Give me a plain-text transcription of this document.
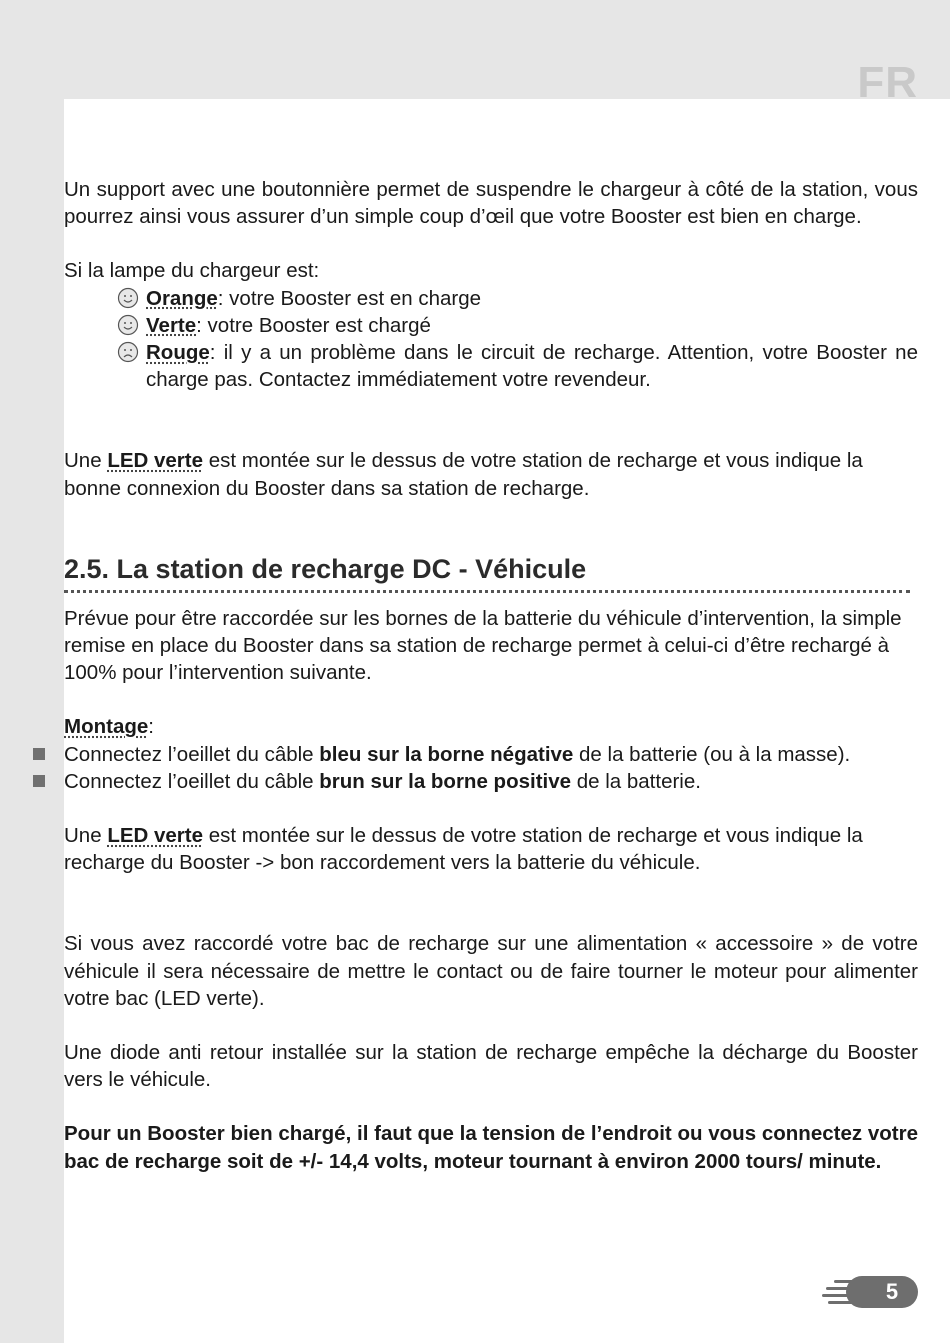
FR

Un support avec une boutonnière permet de suspendre le chargeur à côté de la station, vous pourrez ainsi vous assurer d’un simple coup d’œil que votre Booster est bien en charge.

Si la lampe du chargeur est:

Orange: votre Booster est en charge
Verte: votre Booster est chargé
Rouge: il y a un problème dans le circuit de recharge. Attention, votre Booster ne charge pas. Contactez immédiatement votre revendeur.

Une LED verte est montée sur le dessus de votre station de recharge et vous indique la bonne connexion du Booster dans sa station de recharge.

2.5. La station de recharge DC - Véhicule

Prévue pour être raccordée sur les bornes de la batterie du véhicule d’intervention, la simple remise en place du Booster dans sa station de recharge permet à celui-ci d’être rechargé à 100% pour l’intervention suivante.

Montage:

Connectez l’oeillet du câble bleu sur la borne négative de la batterie (ou à la masse).

Connectez l’oeillet du câble brun sur la borne positive de la batterie.

Une LED verte est montée sur le dessus de votre station de recharge et vous indique la recharge du Booster -> bon raccordement vers la batterie du véhicule.

Si vous avez raccordé votre bac de recharge sur une alimentation « accessoire » de votre véhicule il sera nécessaire de mettre le contact ou de faire tourner le moteur pour alimenter votre bac (LED verte).

Une diode anti retour installée sur la station de recharge empêche la décharge du Booster vers le véhicule.

Pour un Booster bien chargé, il faut que la tension de l’endroit ou vous connectez votre bac de recharge soit de +/- 14,4 volts, moteur tournant à environ 2000 tours/ minute.

5
